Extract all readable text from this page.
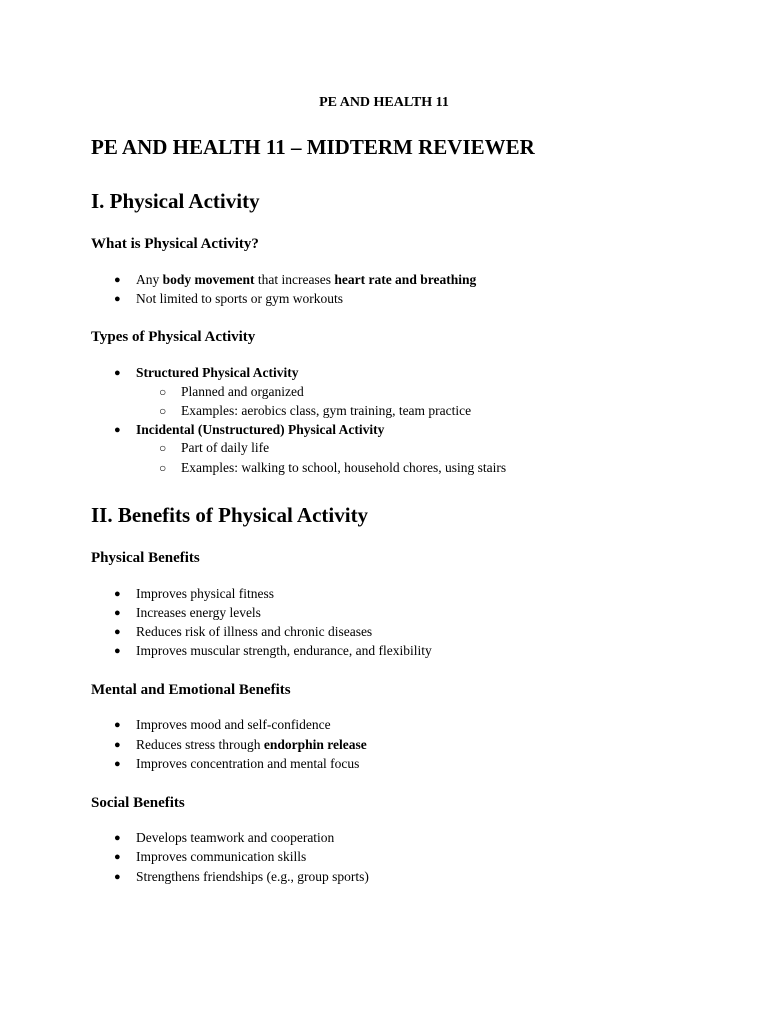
PE AND HEALTH 11
PE AND HEALTH 11 – MIDTERM REVIEWER
I. Physical Activity
What is Physical Activity?
● Any body movement that increases heart rate and breathing
● Not limited to sports or gym workouts
Types of Physical Activity
● Structured Physical Activity
○ Planned and organized
○ Examples: aerobics class, gym training, team practice
● Incidental (Unstructured) Physical Activity
○ Part of daily life
○ Examples: walking to school, household chores, using stairs
II. Benefits of Physical Activity
Physical Benefits
● Improves physical fitness
● Increases energy levels
● Reduces risk of illness and chronic diseases
● Improves muscular strength, endurance, and flexibility
Mental and Emotional Benefits
● Improves mood and self-confidence
● Reduces stress through endorphin release
● Improves concentration and mental focus
Social Benefits
● Develops teamwork and cooperation
● Improves communication skills
● Strengthens friendships (e.g., group sports)
